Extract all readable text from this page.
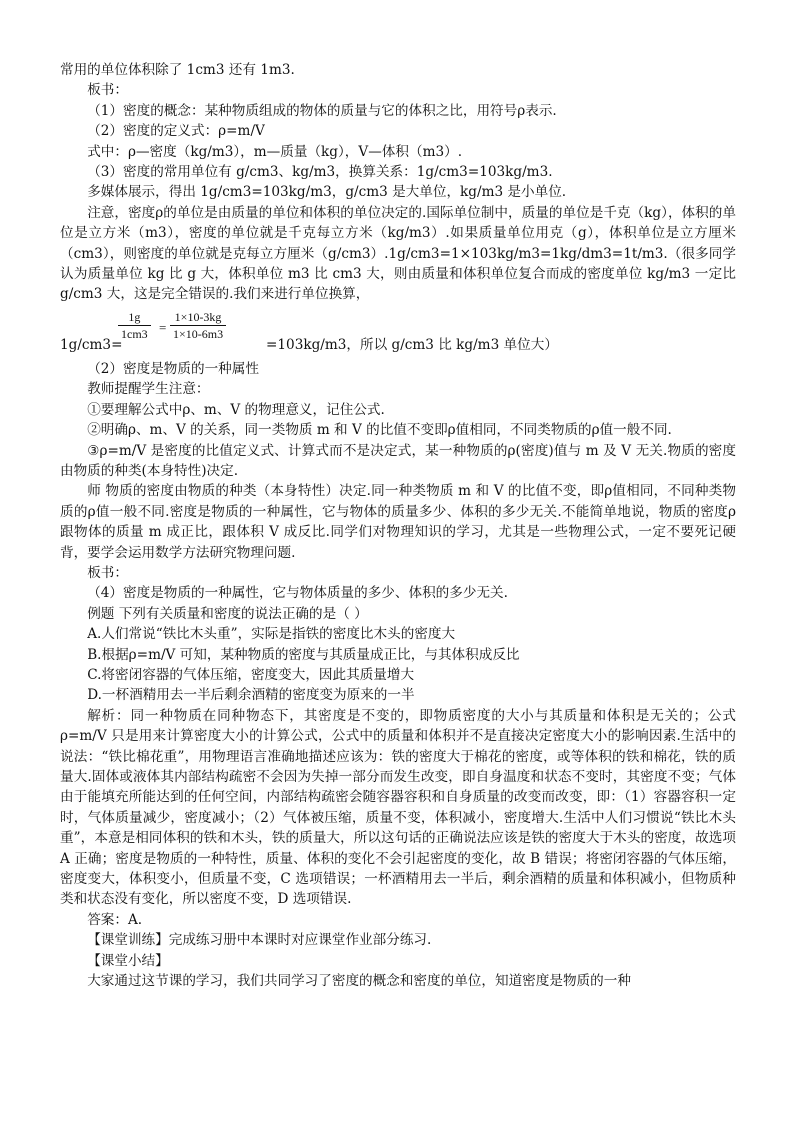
常用的单位体积除了 1cm3 还有 1m3.

板书：

（1）密度的概念：某种物质组成的物体的质量与它的体积之比，用符号ρ表示.

（2）密度的定义式：ρ=m/V

式中：ρ—密度（kg/m3），m—质量（kg），V—体积（m3）.

（3）密度的常用单位有 g/cm3、kg/m3，换算关系：1g/cm3=103kg/m3.

多媒体展示，得出 1g/cm3=103kg/m3，g/cm3 是大单位，kg/m3 是小单位.

注意，密度ρ的单位是由质量的单位和体积的单位决定的.国际单位制中，质量的单位是千克（kg），体积的单位是立方米（m3），密度的单位就是千克每立方米（kg/m3）.如果质量单位用克（g），体积单位是立方厘米（cm3），则密度的单位就是克每立方厘米（g/cm3）.1g/cm3=1×103kg/m3=1kg/dm3=1t/m3.（很多同学认为质量单位 kg 比 g 大，体积单位 m3 比 cm3 大，则由质量和体积单位复合而成的密度单位 kg/m3 一定比 g/cm3 大，这是完全错误的.我们来进行单位换算，

$\frac{1g}{1cm3} = \frac{1\times 10-3kg}{1\times 10-6m3}$
1g/cm3=	=103kg/m3，所以 g/cm3 比 kg/m3 单位大）

（2）密度是物质的一种属性

教师提醒学生注意：

①要理解公式中ρ、m、V 的物理意义，记住公式.

②明确ρ、m、V 的关系，同一类物质 m 和 V 的比值不变即ρ值相同，不同类物质的ρ值一般不同.

③ρ=m/V 是密度的比值定义式、计算式而不是决定式，某一种物质的ρ(密度)值与 m 及 V 无关.物质的密度由物质的种类(本身特性)决定.

师 物质的密度由物质的种类（本身特性）决定.同一种类物质 m 和 V 的比值不变，即ρ值相同，不同种类物质的ρ值一般不同.密度是物质的一种属性，它与物体的质量多少、体积的多少无关.不能简单地说，物质的密度ρ跟物体的质量 m 成正比，跟体积 V 成反比.同学们对物理知识的学习，尤其是一些物理公式，一定不要死记硬背，要学会运用数学方法研究物理问题.

板书：

（4）密度是物质的一种属性，它与物体质量的多少、体积的多少无关.

例题 下列有关质量和密度的说法正确的是（ ）

A.人们常说“铁比木头重”，实际是指铁的密度比木头的密度大

B.根据ρ=m/V 可知，某种物质的密度与其质量成正比，与其体积成反比

C.将密闭容器的气体压缩，密度变大，因此其质量增大

D.一杯酒精用去一半后剩余酒精的密度变为原来的一半

解析：同一种物质在同种物态下，其密度是不变的，即物质密度的大小与其质量和体积是无关的；公式ρ=m/V 只是用来计算密度大小的计算公式，公式中的质量和体积并不是直接决定密度大小的影响因素.生活中的说法：“铁比棉花重”，用物理语言准确地描述应该为：铁的密度大于棉花的密度，或等体积的铁和棉花，铁的质量大.固体或液体其内部结构疏密不会因为失掉一部分而发生改变，即自身温度和状态不变时，其密度不变；气体由于能填充所能达到的任何空间，内部结构疏密会随容器容积和自身质量的改变而改变，即：（1）容器容积一定时，气体质量减少，密度减小；（2）气体被压缩，质量不变，体积减小，密度增大.生活中人们习惯说“铁比木头重”，本意是相同体积的铁和木头，铁的质量大，所以这句话的正确说法应该是铁的密度大于木头的密度，故选项 A 正确；密度是物质的一种特性，质量、体积的变化不会引起密度的变化，故 B 错误；将密闭容器的气体压缩，密度变大，体积变小，但质量不变，C 选项错误；一杯酒精用去一半后，剩余酒精的质量和体积减小，但物质种类和状态没有变化，所以密度不变，D 选项错误.

答案：A.

【课堂训练】完成练习册中本课时对应课堂作业部分练习.

【课堂小结】

大家通过这节课的学习，我们共同学习了密度的概念和密度的单位，知道密度是物质的一种
